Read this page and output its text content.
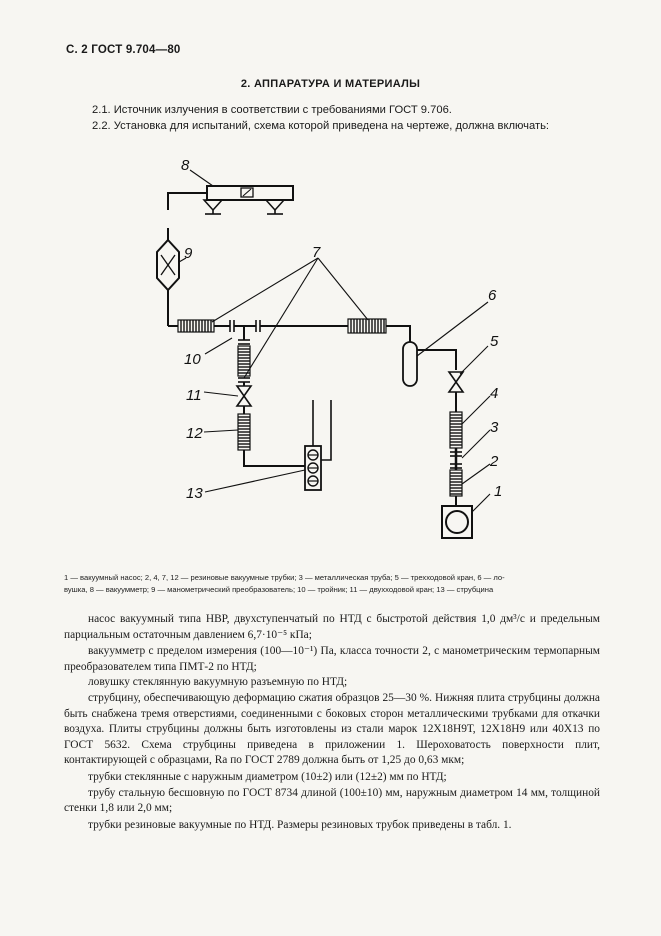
С. 2 ГОСТ 9.704—80
2. АППАРАТУРА И МАТЕРИАЛЫ
2.1. Источник излучения в соответствии с требованиями ГОСТ 9.706.
2.2. Установка для испытаний, схема которой приведена на чертеже, должна включать:
8
9	7
10
11
12
13
6
5
4
3
2
1
1 — вакуумный насос; 2, 4, 7, 12 — резиновые вакуумные трубки; 3 — металлическая труба; 5 — трехходовой кран, 6 — ло-
вушка, 8 — вакуумметр; 9 — манометрический преобразователь; 10 — тройник; 11 — двухходовой кран; 13 — струбцина

насос вакуумный типа НВР, двухступенчатый по НТД с быстротой действия 1,0 дм³/с и предельным парциальным остаточным давлением 6,7·10⁻⁵ кПа;

вакуумметр с пределом измерения (100—10⁻¹) Па, класса точности 2, с манометрическим термопарным преобразователем типа ПМТ-2 по НТД;

ловушку стеклянную вакуумную разъемную по НТД;

струбцину, обеспечивающую деформацию сжатия образцов 25—30 %. Нижняя плита струбцины должна быть снабжена тремя отверстиями, соединенными с боковых сторон металлическими трубками для откачки воздуха. Плиты струбцины должны быть изготовлены из стали марок 12Х18Н9Т, 12Х18Н9 или 40Х13 по ГОСТ 5632. Схема струбцины приведена в приложении 1. Шероховатость поверхности плит, контактирующей с образцами, Ra по ГОСТ 2789 должна быть от 1,25 до 0,63 мкм;

трубки стеклянные с наружным диаметром (10±2) или (12±2) мм по НТД;

трубу стальную бесшовную по ГОСТ 8734 длиной (100±10) мм, наружным диаметром 14 мм, толщиной стенки 1,8 или 2,0 мм;

трубки резиновые вакуумные по НТД. Размеры резиновых трубок приведены в табл. 1.
